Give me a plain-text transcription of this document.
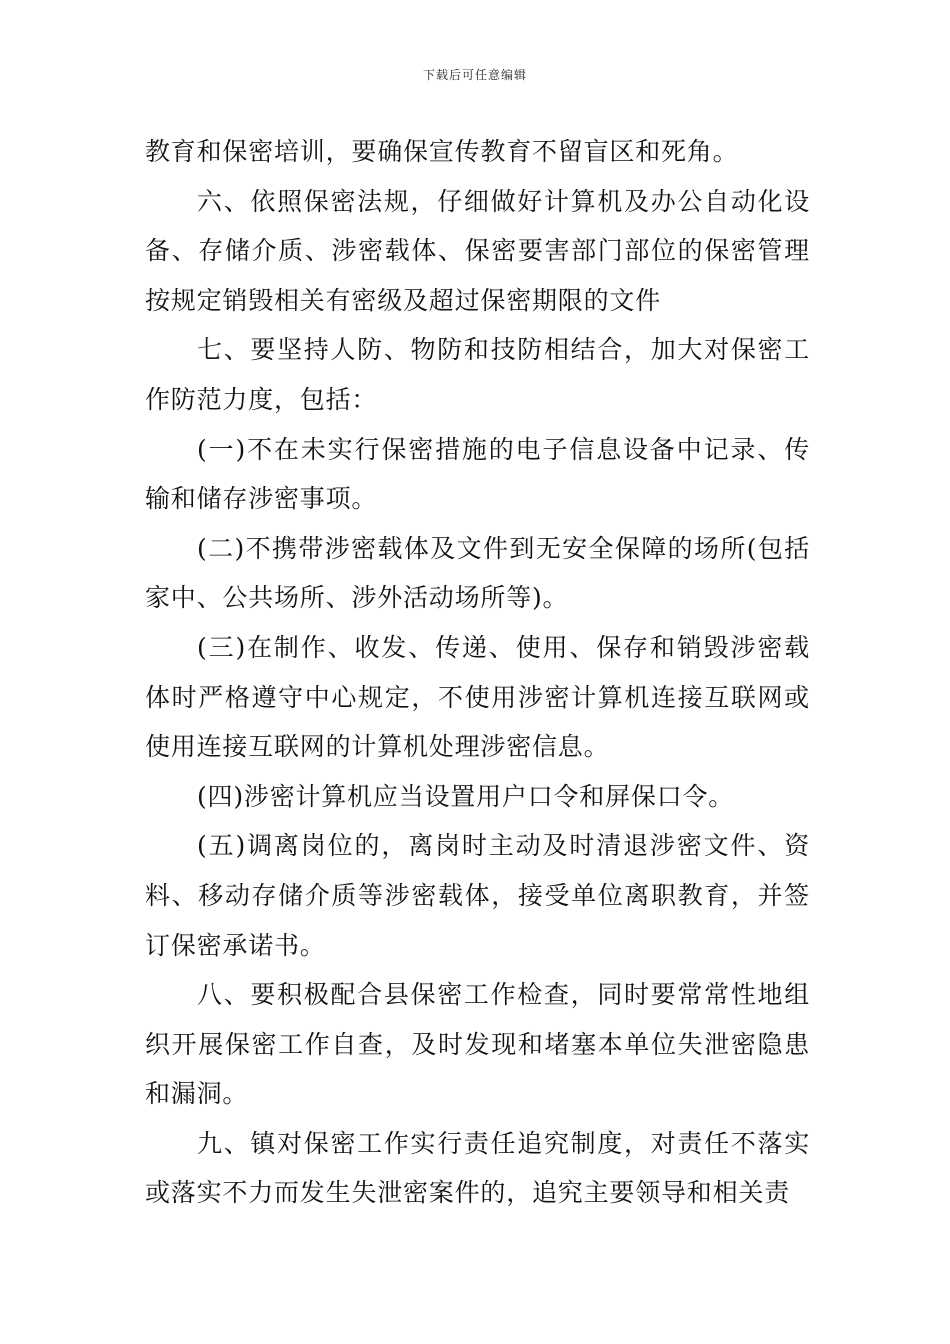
下载后可任意编辑

教育和保密培训，要确保宣传教育不留盲区和死角。

六、依照保密法规，仔细做好计算机及办公自动化设备、存储介质、涉密载体、保密要害部门部位的保密管理按规定销毁相关有密级及超过保密期限的文件

七、要坚持人防、物防和技防相结合，加大对保密工作防范力度，包括：

(一)不在未实行保密措施的电子信息设备中记录、传输和储存涉密事项。

(二)不携带涉密载体及文件到无安全保障的场所(包括家中、公共场所、涉外活动场所等)。

(三)在制作、收发、传递、使用、保存和销毁涉密载体时严格遵守中心规定，不使用涉密计算机连接互联网或使用连接互联网的计算机处理涉密信息。

(四)涉密计算机应当设置用户口令和屏保口令。

(五)调离岗位的，离岗时主动及时清退涉密文件、资料、移动存储介质等涉密载体，接受单位离职教育，并签订保密承诺书。

八、要积极配合县保密工作检查，同时要常常性地组织开展保密工作自查，及时发现和堵塞本单位失泄密隐患和漏洞。

九、镇对保密工作实行责任追究制度，对责任不落实或落实不力而发生失泄密案件的，追究主要领导和相关责
